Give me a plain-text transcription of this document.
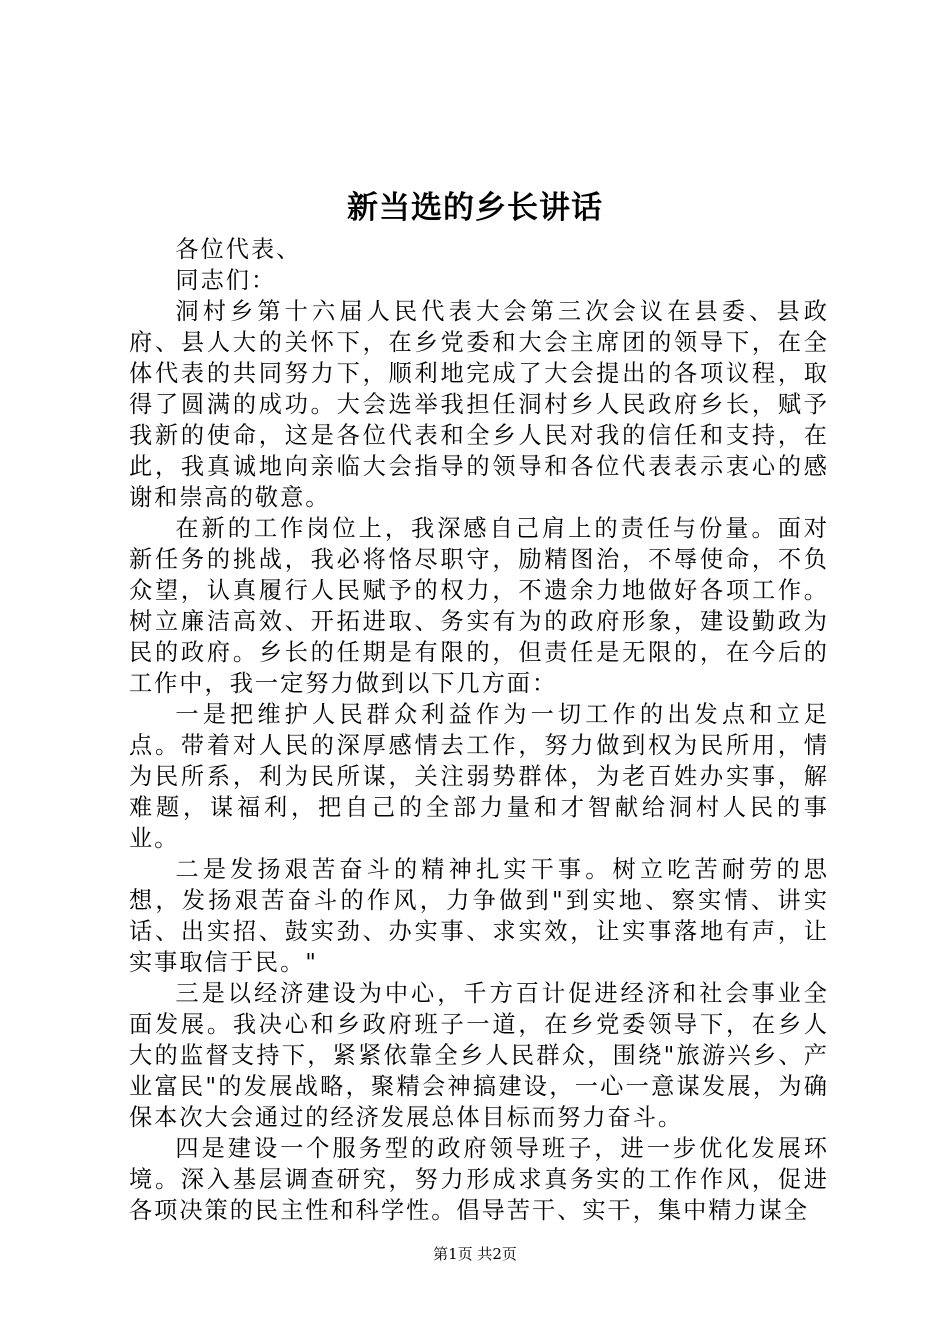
新当选的乡长讲话

各位代表、

同志们：

洞村乡第十六届人民代表大会第三次会议在县委、县政府、县人大的关怀下，在乡党委和大会主席团的领导下，在全体代表的共同努力下，顺利地完成了大会提出的各项议程，取得了圆满的成功。大会选举我担任洞村乡人民政府乡长，赋予我新的使命，这是各位代表和全乡人民对我的信任和支持，在此，我真诚地向亲临大会指导的领导和各位代表表示衷心的感谢和崇高的敬意。

在新的工作岗位上，我深感自己肩上的责任与份量。面对新任务的挑战，我必将恪尽职守，励精图治，不辱使命，不负众望，认真履行人民赋予的权力，不遗余力地做好各项工作。树立廉洁高效、开拓进取、务实有为的政府形象，建设勤政为民的政府。乡长的任期是有限的，但责任是无限的，在今后的工作中，我一定努力做到以下几方面：

一是把维护人民群众利益作为一切工作的出发点和立足点。带着对人民的深厚感情去工作，努力做到权为民所用，情为民所系，利为民所谋，关注弱势群体，为老百姓办实事，解难题，谋福利，把自己的全部力量和才智献给洞村人民的事业。

二是发扬艰苦奋斗的精神扎实干事。树立吃苦耐劳的思想，发扬艰苦奋斗的作风，力争做到"到实地、察实情、讲实话、出实招、鼓实劲、办实事、求实效，让实事落地有声，让实事取信于民。"

三是以经济建设为中心，千方百计促进经济和社会事业全面发展。我决心和乡政府班子一道，在乡党委领导下，在乡人大的监督支持下，紧紧依靠全乡人民群众，围绕"旅游兴乡、产业富民"的发展战略，聚精会神搞建设，一心一意谋发展，为确保本次大会通过的经济发展总体目标而努力奋斗。

四是建设一个服务型的政府领导班子，进一步优化发展环境。深入基层调查研究，努力形成求真务实的工作作风，促进各项决策的民主性和科学性。倡导苦干、实干，集中精力谋全

第1页 共2页
